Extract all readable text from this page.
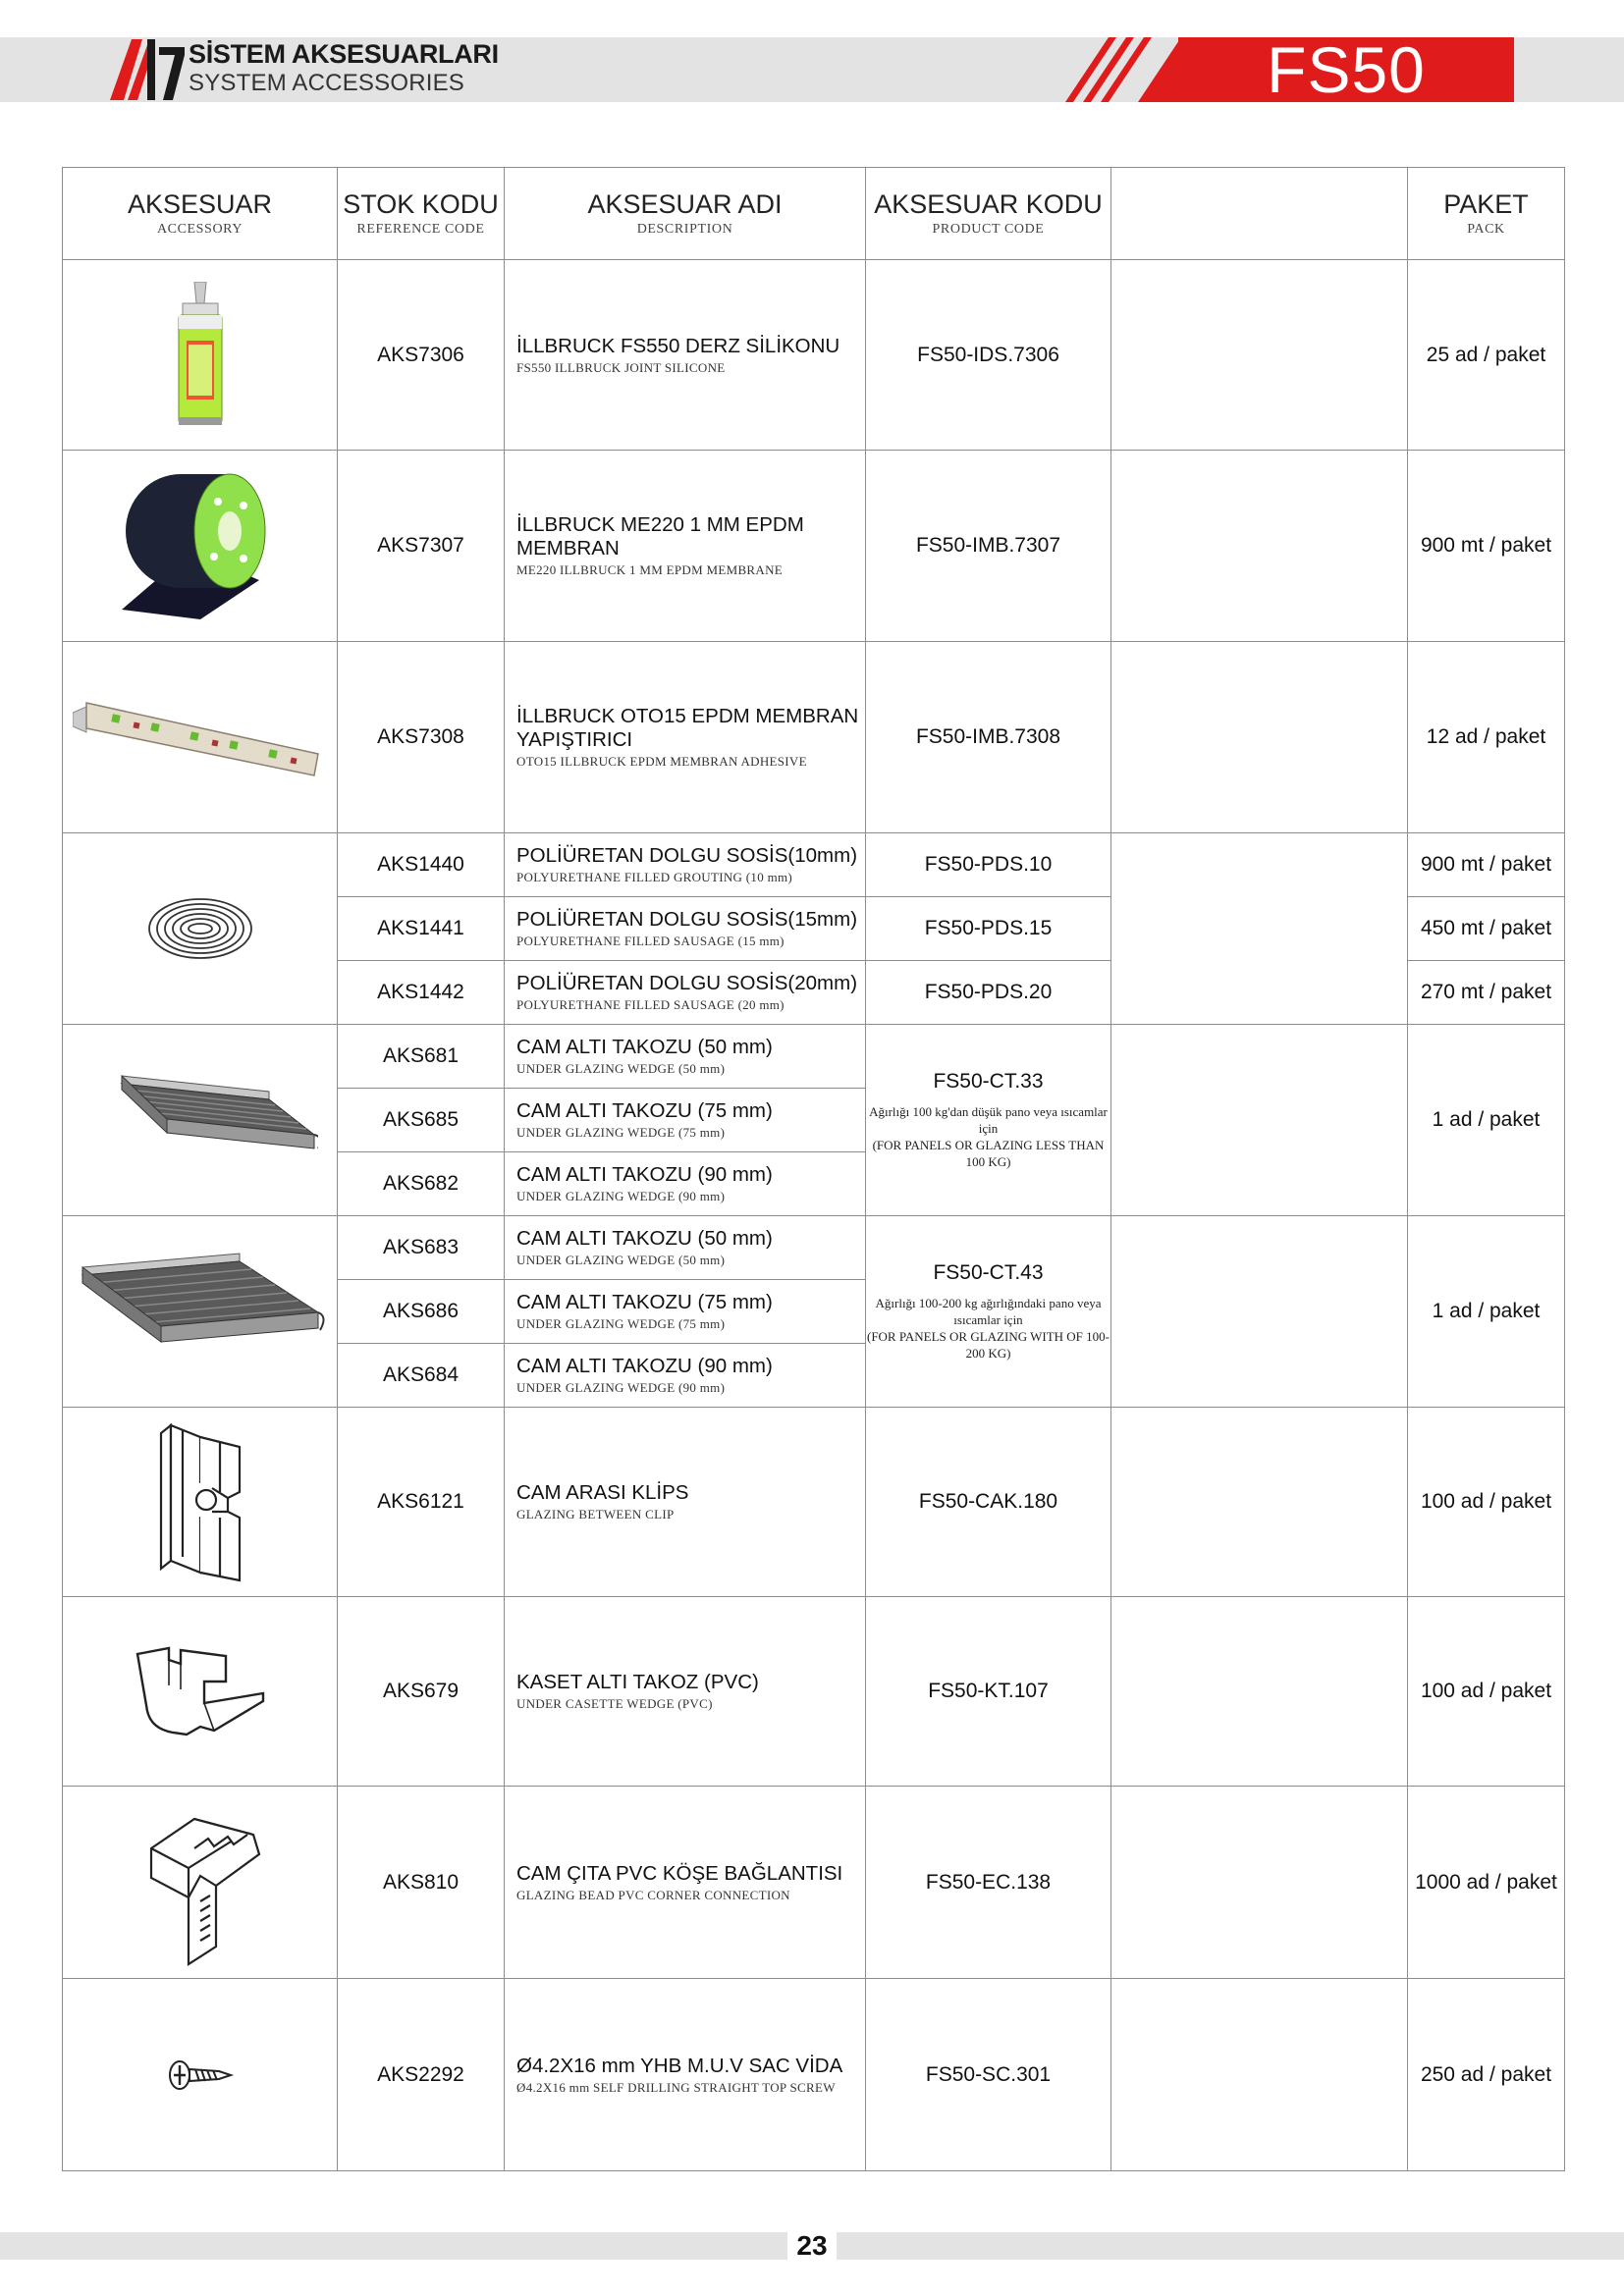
SİSTEM AKSESUARLARI
SYSTEM ACCESSORIES	FS50
AKSESUAR
ACCESSORY	STOK KODU
REFERENCE CODE	AKSESUAR ADI
DESCRIPTION	AKSESUAR KODU
PRODUCT CODE		PAKET
PACK

	AKS7306	İLLBRUCK FS550 DERZ SİLİKONU
FS550 ILLBRUCK JOINT SILICONE	FS50-IDS.7306		25 ad / paket
	AKS7307	İLLBRUCK ME220 1 MM EPDM MEMBRAN
ME220 ILLBRUCK 1 MM EPDM MEMBRANE	FS50-IMB.7307		900 mt / paket
	AKS7308	İLLBRUCK OTO15 EPDM MEMBRAN YAPIŞTIRICI
OTO15 ILLBRUCK EPDM MEMBRAN ADHESIVE	FS50-IMB.7308		12 ad / paket
	AKS1440	POLİÜRETAN DOLGU SOSİS(10mm)
POLYURETHANE FILLED GROUTING (10 mm)	FS50-PDS.10		900 mt / paket
	AKS1441	POLİÜRETAN DOLGU SOSİS(15mm)
POLYURETHANE FILLED SAUSAGE (15 mm)	FS50-PDS.15		450 mt / paket
	AKS1442	POLİÜRETAN DOLGU SOSİS(20mm)
POLYURETHANE FILLED SAUSAGE (20 mm)	FS50-PDS.20		270 mt / paket
	AKS681	CAM ALTI TAKOZU (50 mm)
UNDER GLAZING WEDGE (50 mm)	FS50-CT.33
Ağırlığı 100 kg'dan düşük pano veya ısıcamlar için
(FOR PANELS OR GLAZING LESS THAN 100 KG)		1 ad / paket
	AKS685	CAM ALTI TAKOZU (75 mm)
UNDER GLAZING WEDGE (75 mm)			

	AKS682	CAM ALTI TAKOZU (90 mm)
UNDER GLAZING WEDGE (90 mm)			

	AKS683	CAM ALTI TAKOZU (50 mm)
UNDER GLAZING WEDGE (50 mm)	FS50-CT.43
Ağırlığı 100-200 kg ağırlığındaki pano veya ısıcamlar için
(FOR PANELS OR GLAZING WITH OF 100-200 KG)		1 ad / paket
	AKS686	CAM ALTI TAKOZU (75 mm)
UNDER GLAZING WEDGE (75 mm)			

	AKS684	CAM ALTI TAKOZU (90 mm)
UNDER GLAZING WEDGE (90 mm)			

	AKS6121	CAM ARASI KLİPS
GLAZING BETWEEN CLIP	FS50-CAK.180		100 ad / paket
	AKS679	KASET ALTI TAKOZ (PVC)
UNDER CASETTE WEDGE (PVC)	FS50-KT.107		100 ad / paket
	AKS810	CAM ÇITA PVC KÖŞE BAĞLANTISI
GLAZING BEAD PVC CORNER CONNECTION	FS50-EC.138		1000 ad / paket
	AKS2292	Ø4.2X16 mm YHB M.U.V SAC VİDA
Ø4.2X16 mm SELF DRILLING STRAIGHT TOP SCREW	FS50-SC.301		250 ad / paket
23
